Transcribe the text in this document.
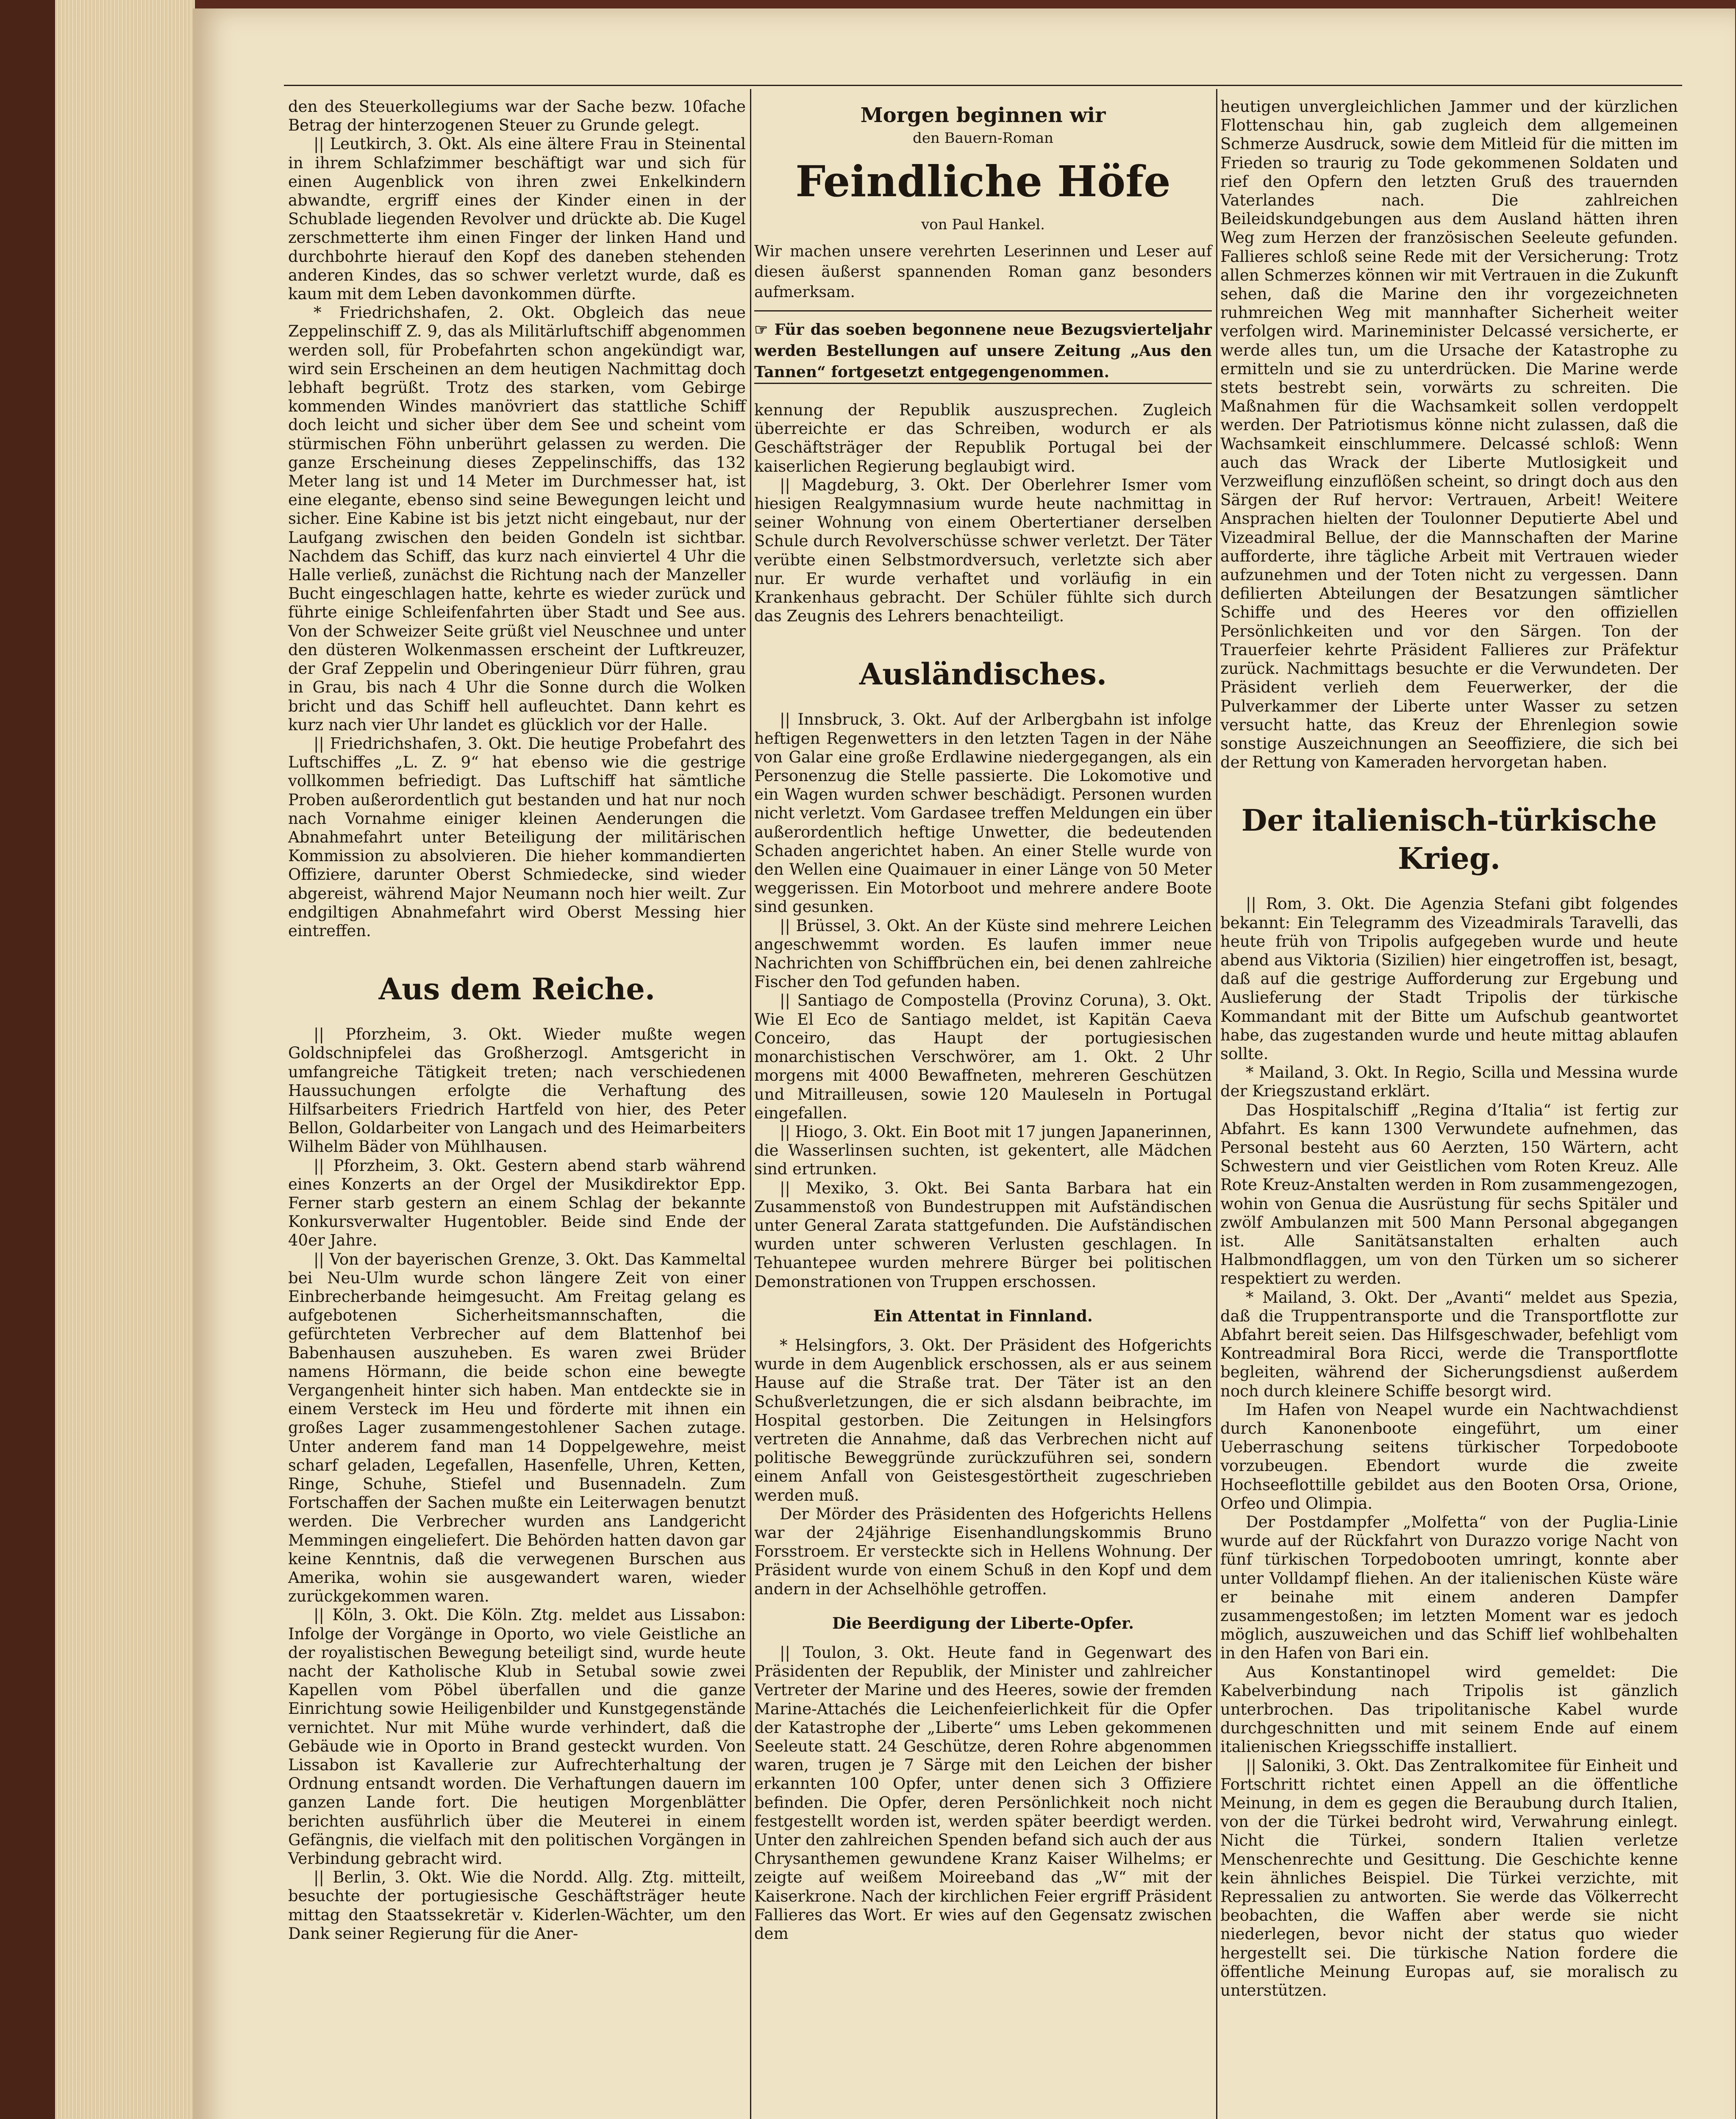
den des Steuerkollegiums war der Sache bezw. 10fache Betrag der hinterzogenen Steuer zu Grunde gelegt.

|| Leutkirch, 3. Okt. Als eine ältere Frau in Steinental in ihrem Schlafzimmer beschäftigt war und sich für einen Augenblick von ihren zwei Enkelkindern abwandte, ergriff eines der Kinder einen in der Schublade liegenden Revolver und drückte ab. Die Kugel zerschmetterte ihm einen Finger der linken Hand und durchbohrte hierauf den Kopf des daneben stehenden anderen Kindes, das so schwer verletzt wurde, daß es kaum mit dem Leben davonkommen dürfte.

* Friedrichshafen, 2. Okt. Obgleich das neue Zeppelinschiff Z. 9, das als Militärluftschiff abgenommen werden soll, für Probefahrten schon angekündigt war, wird sein Erscheinen an dem heutigen Nachmittag doch lebhaft begrüßt. Trotz des starken, vom Gebirge kommenden Windes manövriert das stattliche Schiff doch leicht und sicher über dem See und scheint vom stürmischen Föhn unberührt gelassen zu werden. Die ganze Erscheinung dieses Zeppelinschiffs, das 132 Meter lang ist und 14 Meter im Durchmesser hat, ist eine elegante, ebenso sind seine Bewegungen leicht und sicher. Eine Kabine ist bis jetzt nicht eingebaut, nur der Laufgang zwischen den beiden Gondeln ist sichtbar. Nachdem das Schiff, das kurz nach einviertel 4 Uhr die Halle verließ, zunächst die Richtung nach der Manzeller Bucht eingeschlagen hatte, kehrte es wieder zurück und führte einige Schleifenfahrten über Stadt und See aus. Von der Schweizer Seite grüßt viel Neuschnee und unter den düsteren Wolkenmassen erscheint der Luftkreuzer, der Graf Zeppelin und Oberingenieur Dürr führen, grau in Grau, bis nach 4 Uhr die Sonne durch die Wolken bricht und das Schiff hell aufleuchtet. Dann kehrt es kurz nach vier Uhr landet es glücklich vor der Halle.

|| Friedrichshafen, 3. Okt. Die heutige Probefahrt des Luftschiffes „L. Z. 9“ hat ebenso wie die gestrige vollkommen befriedigt. Das Luftschiff hat sämtliche Proben außerordentlich gut bestanden und hat nur noch nach Vornahme einiger kleinen Aenderungen die Abnahmefahrt unter Beteiligung der militärischen Kommission zu absolvieren. Die hieher kommandierten Offiziere, darunter Oberst Schmiedecke, sind wieder abgereist, während Major Neumann noch hier weilt. Zur endgiltigen Abnahmefahrt wird Oberst Messing hier eintreffen.

Aus dem Reiche.

|| Pforzheim, 3. Okt. Wieder mußte wegen Goldschnipfelei das Großherzogl. Amtsgericht in umfangreiche Tätigkeit treten; nach verschiedenen Haussuchungen erfolgte die Verhaftung des Hilfsarbeiters Friedrich Hartfeld von hier, des Peter Bellon, Goldarbeiter von Langach und des Heimarbeiters Wilhelm Bäder von Mühlhausen.

|| Pforzheim, 3. Okt. Gestern abend starb während eines Konzerts an der Orgel der Musikdirektor Epp. Ferner starb gestern an einem Schlag der bekannte Konkursverwalter Hugentobler. Beide sind Ende der 40er Jahre.

|| Von der bayerischen Grenze, 3. Okt. Das Kammeltal bei Neu-Ulm wurde schon längere Zeit von einer Einbrecherbande heimgesucht. Am Freitag gelang es aufgebotenen Sicherheitsmannschaften, die gefürchteten Verbrecher auf dem Blattenhof bei Babenhausen auszuheben. Es waren zwei Brüder namens Hörmann, die beide schon eine bewegte Vergangenheit hinter sich haben. Man entdeckte sie in einem Versteck im Heu und förderte mit ihnen ein großes Lager zusammengestohlener Sachen zutage. Unter anderem fand man 14 Doppelgewehre, meist scharf geladen, Legefallen, Hasenfelle, Uhren, Ketten, Ringe, Schuhe, Stiefel und Busennadeln. Zum Fortschaffen der Sachen mußte ein Leiterwagen benutzt werden. Die Verbrecher wurden ans Landgericht Memmingen eingeliefert. Die Behörden hatten davon gar keine Kenntnis, daß die verwegenen Burschen aus Amerika, wohin sie ausgewandert waren, wieder zurückgekommen waren.

|| Köln, 3. Okt. Die Köln. Ztg. meldet aus Lissabon: Infolge der Vorgänge in Oporto, wo viele Geistliche an der royalistischen Bewegung beteiligt sind, wurde heute nacht der Katholische Klub in Setubal sowie zwei Kapellen vom Pöbel überfallen und die ganze Einrichtung sowie Heiligenbilder und Kunstgegenstände vernichtet. Nur mit Mühe wurde verhindert, daß die Gebäude wie in Oporto in Brand gesteckt wurden. Von Lissabon ist Kavallerie zur Aufrechterhaltung der Ordnung entsandt worden. Die Verhaftungen dauern im ganzen Lande fort. Die heutigen Morgenblätter berichten ausführlich über die Meuterei in einem Gefängnis, die vielfach mit den politischen Vorgängen in Verbindung gebracht wird.

|| Berlin, 3. Okt. Wie die Nordd. Allg. Ztg. mitteilt, besuchte der portugiesische Geschäftsträger heute mittag den Staatssekretär v. Kiderlen-Wächter, um den Dank seiner Regierung für die Aner-

Morgen beginnen wir
den Bauern-Roman
Feindliche Höfe
von Paul Hankel.
Wir machen unsere verehrten Leserinnen und Leser auf diesen äußerst spannenden Roman ganz besonders aufmerksam.
☞ Für das soeben begonnene neue Bezugsvierteljahr werden Bestellungen auf unsere Zeitung „Aus den Tannen“ fortgesetzt entgegengenommen.

kennung der Republik auszusprechen. Zugleich überreichte er das Schreiben, wodurch er als Geschäftsträger der Republik Portugal bei der kaiserlichen Regierung beglaubigt wird.

|| Magdeburg, 3. Okt. Der Oberlehrer Ismer vom hiesigen Realgymnasium wurde heute nachmittag in seiner Wohnung von einem Obertertianer derselben Schule durch Revolverschüsse schwer verletzt. Der Täter verübte einen Selbstmordversuch, verletzte sich aber nur. Er wurde verhaftet und vorläufig in ein Krankenhaus gebracht. Der Schüler fühlte sich durch das Zeugnis des Lehrers benachteiligt.

Ausländisches.

|| Innsbruck, 3. Okt. Auf der Arlbergbahn ist infolge heftigen Regenwetters in den letzten Tagen in der Nähe von Galar eine große Erdlawine niedergegangen, als ein Personenzug die Stelle passierte. Die Lokomotive und ein Wagen wurden schwer beschädigt. Personen wurden nicht verletzt. Vom Gardasee treffen Meldungen ein über außerordentlich heftige Unwetter, die bedeutenden Schaden angerichtet haben. An einer Stelle wurde von den Wellen eine Quaimauer in einer Länge von 50 Meter weggerissen. Ein Motorboot und mehrere andere Boote sind gesunken.

|| Brüssel, 3. Okt. An der Küste sind mehrere Leichen angeschwemmt worden. Es laufen immer neue Nachrichten von Schiffbrüchen ein, bei denen zahlreiche Fischer den Tod gefunden haben.

|| Santiago de Compostella (Provinz Coruna), 3. Okt. Wie El Eco de Santiago meldet, ist Kapitän Caeva Conceiro, das Haupt der portugiesischen monarchistischen Verschwörer, am 1. Okt. 2 Uhr morgens mit 4000 Bewaffneten, mehreren Geschützen und Mitrailleusen, sowie 120 Mauleseln in Portugal eingefallen.

|| Hiogo, 3. Okt. Ein Boot mit 17 jungen Japanerinnen, die Wasserlinsen suchten, ist gekentert, alle Mädchen sind ertrunken.

|| Mexiko, 3. Okt. Bei Santa Barbara hat ein Zusammenstoß von Bundestruppen mit Aufständischen unter General Zarata stattgefunden. Die Aufständischen wurden unter schweren Verlusten geschlagen. In Tehuantepee wurden mehrere Bürger bei politischen Demonstrationen von Truppen erschossen.

Ein Attentat in Finnland.

* Helsingfors, 3. Okt. Der Präsident des Hofgerichts wurde in dem Augenblick erschossen, als er aus seinem Hause auf die Straße trat. Der Täter ist an den Schußverletzungen, die er sich alsdann beibrachte, im Hospital gestorben. Die Zeitungen in Helsingfors vertreten die Annahme, daß das Verbrechen nicht auf politische Beweggründe zurückzuführen sei, sondern einem Anfall von Geistesgestörtheit zugeschrieben werden muß.

Der Mörder des Präsidenten des Hofgerichts Hellens war der 24jährige Eisenhandlungskommis Bruno Forsstroem. Er versteckte sich in Hellens Wohnung. Der Präsident wurde von einem Schuß in den Kopf und dem andern in der Achselhöhle getroffen.

Die Beerdigung der Liberte-Opfer.

|| Toulon, 3. Okt. Heute fand in Gegenwart des Präsidenten der Republik, der Minister und zahlreicher Vertreter der Marine und des Heeres, sowie der fremden Marine-Attachés die Leichenfeierlichkeit für die Opfer der Katastrophe der „Liberte“ ums Leben gekommenen Seeleute statt. 24 Geschütze, deren Rohre abgenommen waren, trugen je 7 Särge mit den Leichen der bisher erkannten 100 Opfer, unter denen sich 3 Offiziere befinden. Die Opfer, deren Persönlichkeit noch nicht festgestellt worden ist, werden später beerdigt werden. Unter den zahlreichen Spenden befand sich auch der aus Chrysanthemen gewundene Kranz Kaiser Wilhelms; er zeigte auf weißem Moireeband das „W“ mit der Kaiserkrone. Nach der kirchlichen Feier ergriff Präsident Fallieres das Wort. Er wies auf den Gegensatz zwischen dem

heutigen unvergleichlichen Jammer und der kürzlichen Flottenschau hin, gab zugleich dem allgemeinen Schmerze Ausdruck, sowie dem Mitleid für die mitten im Frieden so traurig zu Tode gekommenen Soldaten und rief den Opfern den letzten Gruß des trauernden Vaterlandes nach. Die zahlreichen Beileidskundgebungen aus dem Ausland hätten ihren Weg zum Herzen der französischen Seeleute gefunden. Fallieres schloß seine Rede mit der Versicherung: Trotz allen Schmerzes können wir mit Vertrauen in die Zukunft sehen, daß die Marine den ihr vorgezeichneten ruhmreichen Weg mit mannhafter Sicherheit weiter verfolgen wird. Marineminister Delcassé versicherte, er werde alles tun, um die Ursache der Katastrophe zu ermitteln und sie zu unterdrücken. Die Marine werde stets bestrebt sein, vorwärts zu schreiten. Die Maßnahmen für die Wachsamkeit sollen verdoppelt werden. Der Patriotismus könne nicht zulassen, daß die Wachsamkeit einschlummere. Delcassé schloß: Wenn auch das Wrack der Liberte Mutlosigkeit und Verzweiflung einzuflößen scheint, so dringt doch aus den Särgen der Ruf hervor: Vertrauen, Arbeit! Weitere Ansprachen hielten der Toulonner Deputierte Abel und Vizeadmiral Bellue, der die Mannschaften der Marine aufforderte, ihre tägliche Arbeit mit Vertrauen wieder aufzunehmen und der Toten nicht zu vergessen. Dann defilierten Abteilungen der Besatzungen sämtlicher Schiffe und des Heeres vor den offiziellen Persönlichkeiten und vor den Särgen. Ton der Trauerfeier kehrte Präsident Fallieres zur Präfektur zurück. Nachmittags besuchte er die Verwundeten. Der Präsident verlieh dem Feuerwerker, der die Pulverkammer der Liberte unter Wasser zu setzen versucht hatte, das Kreuz der Ehrenlegion sowie sonstige Auszeichnungen an Seeoffiziere, die sich bei der Rettung von Kameraden hervorgetan haben.

Der italienisch-türkische Krieg.

|| Rom, 3. Okt. Die Agenzia Stefani gibt folgendes bekannt: Ein Telegramm des Vizeadmirals Taravelli, das heute früh von Tripolis aufgegeben wurde und heute abend aus Viktoria (Sizilien) hier eingetroffen ist, besagt, daß auf die gestrige Aufforderung zur Ergebung und Auslieferung der Stadt Tripolis der türkische Kommandant mit der Bitte um Aufschub geantwortet habe, das zugestanden wurde und heute mittag ablaufen sollte.

* Mailand, 3. Okt. In Regio, Scilla und Messina wurde der Kriegszustand erklärt.

Das Hospitalschiff „Regina d’Italia“ ist fertig zur Abfahrt. Es kann 1300 Verwundete aufnehmen, das Personal besteht aus 60 Aerzten, 150 Wärtern, acht Schwestern und vier Geistlichen vom Roten Kreuz. Alle Rote Kreuz-Anstalten werden in Rom zusammengezogen, wohin von Genua die Ausrüstung für sechs Spitäler und zwölf Ambulanzen mit 500 Mann Personal abgegangen ist. Alle Sanitätsanstalten erhalten auch Halbmondflaggen, um von den Türken um so sicherer respektiert zu werden.

* Mailand, 3. Okt. Der „Avanti“ meldet aus Spezia, daß die Truppentransporte und die Transportflotte zur Abfahrt bereit seien. Das Hilfsgeschwader, befehligt vom Kontreadmiral Bora Ricci, werde die Transportflotte begleiten, während der Sicherungsdienst außerdem noch durch kleinere Schiffe besorgt wird.

Im Hafen von Neapel wurde ein Nachtwachdienst durch Kanonenboote eingeführt, um einer Ueberraschung seitens türkischer Torpedoboote vorzubeugen. Ebendort wurde die zweite Hochseeflottille gebildet aus den Booten Orsa, Orione, Orfeo und Olimpia.

Der Postdampfer „Molfetta“ von der Puglia-Linie wurde auf der Rückfahrt von Durazzo vorige Nacht von fünf türkischen Torpedobooten umringt, konnte aber unter Volldampf fliehen. An der italienischen Küste wäre er beinahe mit einem anderen Dampfer zusammengestoßen; im letzten Moment war es jedoch möglich, auszuweichen und das Schiff lief wohlbehalten in den Hafen von Bari ein.

Aus Konstantinopel wird gemeldet: Die Kabelverbindung nach Tripolis ist gänzlich unterbrochen. Das tripolitanische Kabel wurde durchgeschnitten und mit seinem Ende auf einem italienischen Kriegsschiffe installiert.

|| Saloniki, 3. Okt. Das Zentralkomitee für Einheit und Fortschritt richtet einen Appell an die öffentliche Meinung, in dem es gegen die Beraubung durch Italien, von der die Türkei bedroht wird, Verwahrung einlegt. Nicht die Türkei, sondern Italien verletze Menschenrechte und Gesittung. Die Geschichte kenne kein ähnliches Beispiel. Die Türkei verzichte, mit Repressalien zu antworten. Sie werde das Völkerrecht beobachten, die Waffen aber werde sie nicht niederlegen, bevor nicht der status quo wieder hergestellt sei. Die türkische Nation fordere die öffentliche Meinung Europas auf, sie moralisch zu unterstützen.
